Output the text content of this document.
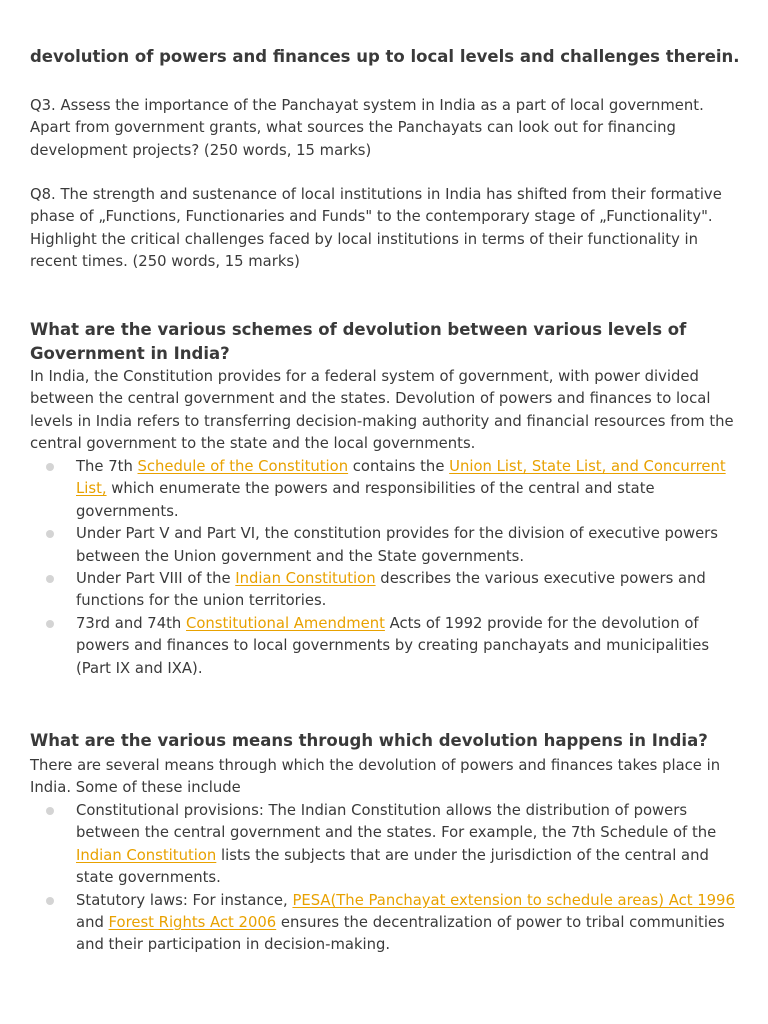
devolution of powers and finances up to local levels and challenges therein.

Q3. Assess the importance of the Panchayat system in India as a part of local government. Apart from government grants, what sources the Panchayats can look out for financing development projects? (250 words, 15 marks)

Q8. The strength and sustenance of local institutions in India has shifted from their formative phase of „Functions, Functionaries and Funds" to the contemporary stage of „Functionality". Highlight the critical challenges faced by local institutions in terms of their functionality in recent times. (250 words, 15 marks)

What are the various schemes of devolution between various levels of Government in India?

In India, the Constitution provides for a federal system of government, with power divided between the central government and the states. Devolution of powers and finances to local levels in India refers to transferring decision-making authority and financial resources from the central government to the state and the local governments.

The 7th Schedule of the Constitution contains the Union List, State List, and Concurrent List, which enumerate the powers and responsibilities of the central and state governments.
Under Part V and Part VI, the constitution provides for the division of executive powers between the Union government and the State governments.
Under Part VIII of the Indian Constitution describes the various executive powers and functions for the union territories.
73rd and 74th Constitutional Amendment Acts of 1992 provide for the devolution of powers and finances to local governments by creating panchayats and municipalities (Part IX and IXA).
What are the various means through which devolution happens in India?

There are several means through which the devolution of powers and finances takes place in India. Some of these include

Constitutional provisions: The Indian Constitution allows the distribution of powers between the central government and the states. For example, the 7th Schedule of the Indian Constitution lists the subjects that are under the jurisdiction of the central and state governments.
Statutory laws: For instance, PESA(The Panchayat extension to schedule areas) Act 1996 and Forest Rights Act 2006 ensures the decentralization of power to tribal communities and their participation in decision-making.
